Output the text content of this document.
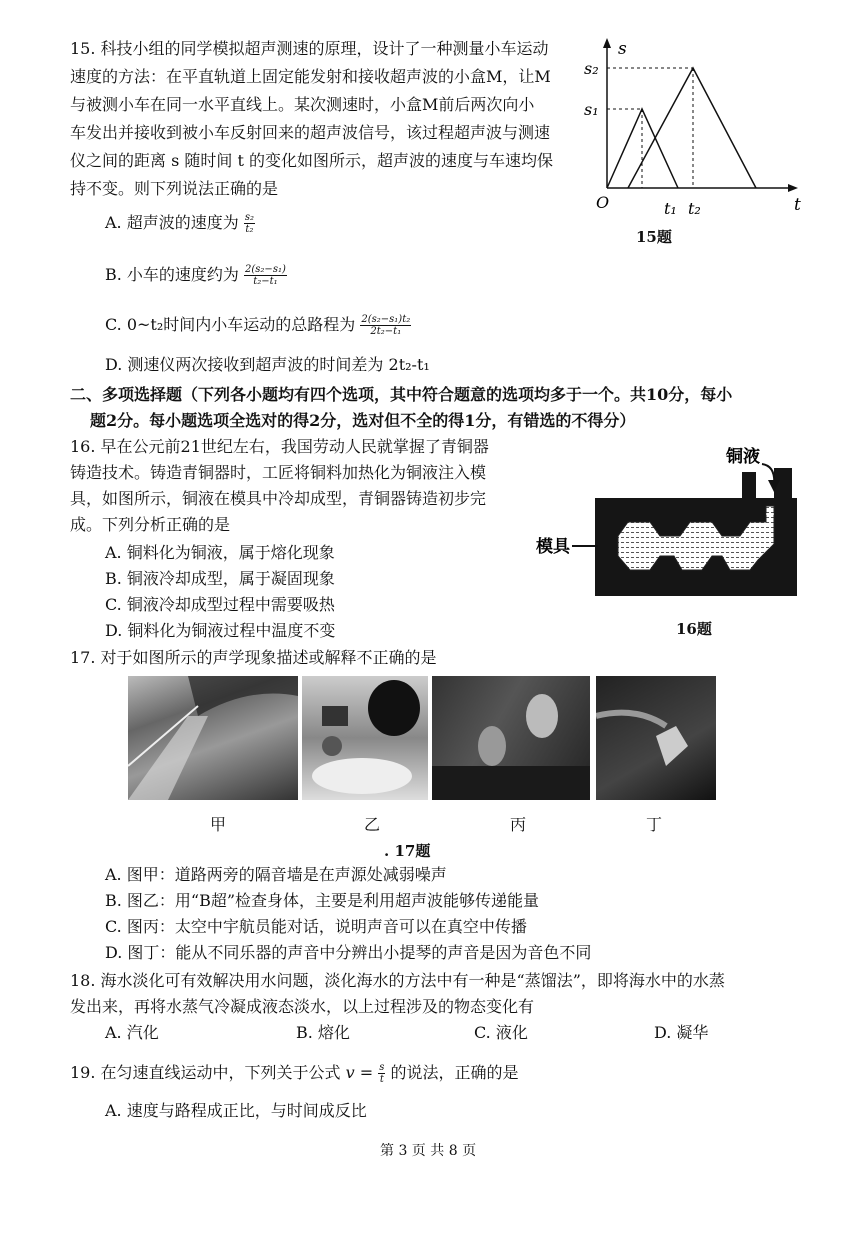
15. 科技小组的同学模拟超声测速的原理，设计了一种测量小车运动
速度的方法：在平直轨道上固定能发射和接收超声波的小盒M，让M
与被测小车在同一水平直线上。某次测速时，小盒M前后两次向小
车发出并接收到被小车反射回来的超声波信号，该过程超声波与测速
仪之间的距离 s 随时间 t 的变化如图所示，超声波的速度与车速均保
持不变。则下列说法正确的是
A. 超声波的速度为 $\frac{\text{s₂}}{\text{t₂}}$
B. 小车的速度约为 $\frac{\text{2(s₂−s₁)}}{\text{t₂−t₁}}$
C. 0~t₂时间内小车运动的总路程为 $\frac{\text{2(s₂−s₁)t₂}}{\text{2t₂−t₁}}$
D. 测速仪两次接收到超声波的时间差为 2t₂-t₁
s
t
s₂
s₁
O	t₁ t₂
15题
二、多项选择题（下列各小题均有四个选项，其中符合题意的选项均多于一个。共10分，每小
题2分。每小题选项全选对的得2分，选对但不全的得1分，有错选的不得分）
16. 早在公元前21世纪左右，我国劳动人民就掌握了青铜器
铸造技术。铸造青铜器时，工匠将铜料加热化为铜液注入模
具，如图所示，铜液在模具中冷却成型，青铜器铸造初步完
成。下列分析正确的是
A. 铜料化为铜液，属于熔化现象
B. 铜液冷却成型，属于凝固现象
C. 铜液冷却成型过程中需要吸热
D. 铜料化为铜液过程中温度不变
铜液
模具
16题
17. 对于如图所示的声学现象描述或解释不正确的是
甲	乙	丙	丁
. 17题
A. 图甲：道路两旁的隔音墙是在声源处减弱噪声
B. 图乙：用“B超”检查身体，主要是利用超声波能够传递能量
C. 图丙：太空中宇航员能对话，说明声音可以在真空中传播
D. 图丁：能从不同乐器的声音中分辨出小提琴的声音是因为音色不同
18. 海水淡化可有效解决用水问题，淡化海水的方法中有一种是“蒸馏法”，即将海水中的水蒸
发出来，再将水蒸气冷凝成液态淡水，以上过程涉及的物态变化有
A. 汽化	B. 熔化	C. 液化	D. 凝华
19. 在匀速直线运动中，下列关于公式 $v = \frac{s}{t}$ 的说法，正确的是
A. 速度与路程成正比，与时间成反比
第 3 页 共 8 页
